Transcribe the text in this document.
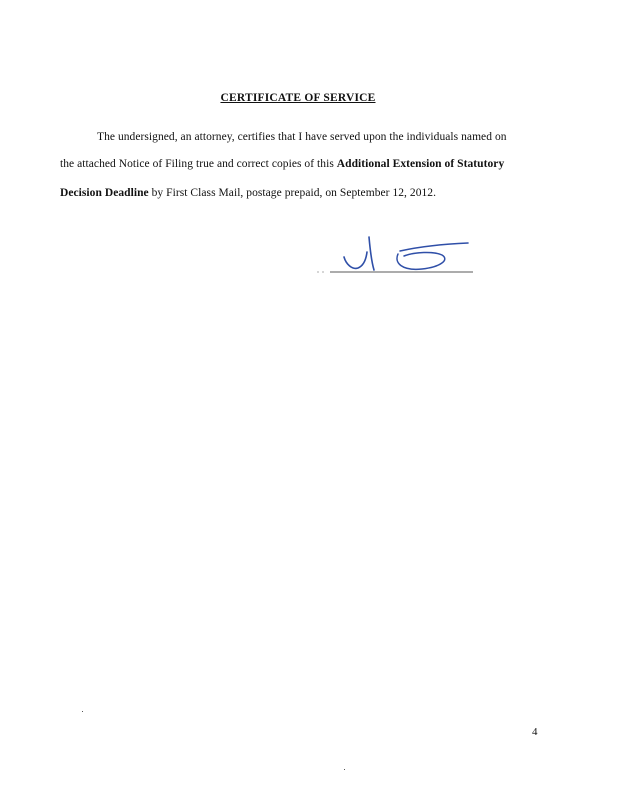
CERTIFICATE OF SERVICE
The undersigned, an attorney, certifies that I have served upon the individuals named on
the attached Notice of Filing true and correct copies of this Additional Extension of Statutory
Decision Deadline by First Class Mail, postage prepaid, on September 12, 2012.
4
